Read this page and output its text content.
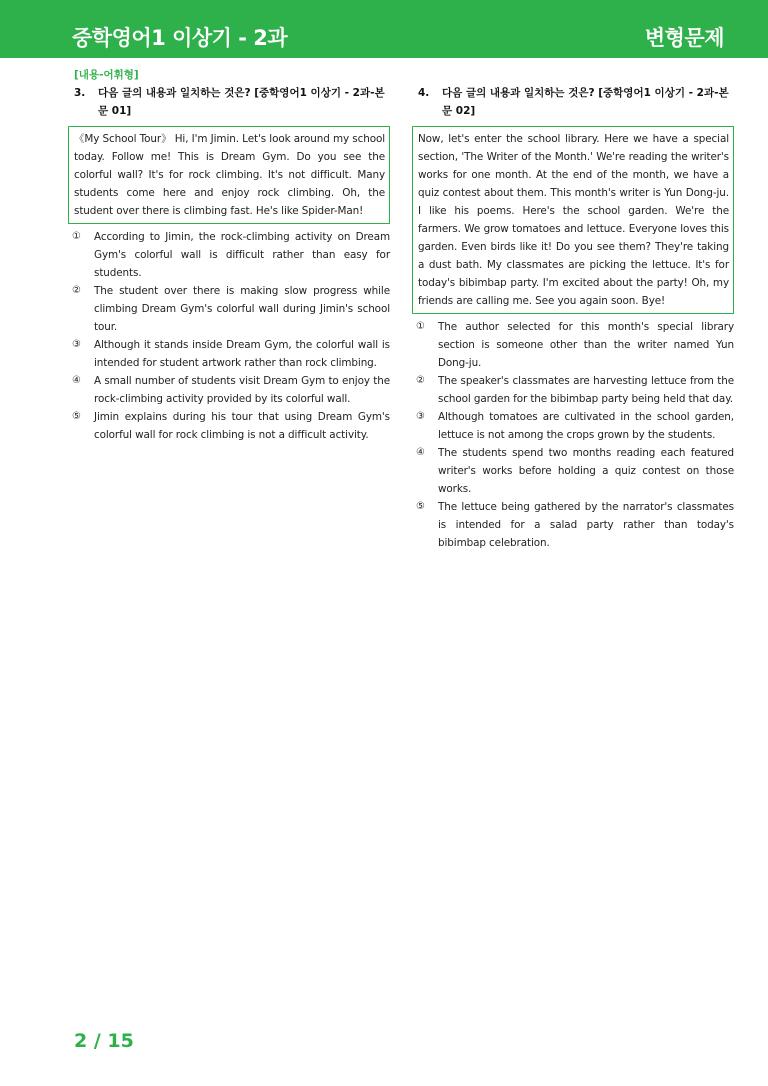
중학영어1 이상기 - 2과	변형문제
[내용-어휘형]
3. 다음 글의 내용과 일치하는 것은? [중학영어1 이상기 - 2과-본문 01]
《My School Tour》 Hi, I'm Jimin. Let's look around my school today. Follow me! This is Dream Gym. Do you see the colorful wall? It's for rock climbing. It's not difficult. Many students come here and enjoy rock climbing. Oh, the student over there is climbing fast. He's like Spider-Man!
① According to Jimin, the rock-climbing activity on Dream Gym's colorful wall is difficult rather than easy for students.
② The student over there is making slow progress while climbing Dream Gym's colorful wall during Jimin's school tour.
③ Although it stands inside Dream Gym, the colorful wall is intended for student artwork rather than rock climbing.
④ A small number of students visit Dream Gym to enjoy the rock-climbing activity provided by its colorful wall.
⑤ Jimin explains during his tour that using Dream Gym's colorful wall for rock climbing is not a difficult activity.
4. 다음 글의 내용과 일치하는 것은? [중학영어1 이상기 - 2과-본문 02]
Now, let's enter the school library. Here we have a special section, 'The Writer of the Month.' We're reading the writer's works for one month. At the end of the month, we have a quiz contest about them. This month's writer is Yun Dong-ju. I like his poems. Here's the school garden. We're the farmers. We grow tomatoes and lettuce. Everyone loves this garden. Even birds like it! Do you see them? They're taking a dust bath. My classmates are picking the lettuce. It's for today's bibimbap party. I'm excited about the party! Oh, my friends are calling me. See you again soon. Bye!
① The author selected for this month's special library section is someone other than the writer named Yun Dong-ju.
② The speaker's classmates are harvesting lettuce from the school garden for the bibimbap party being held that day.
③ Although tomatoes are cultivated in the school garden, lettuce is not among the crops grown by the students.
④ The students spend two months reading each featured writer's works before holding a quiz contest on those works.
⑤ The lettuce being gathered by the narrator's classmates is intended for a salad party rather than today's bibimbap celebration.
2 / 15
